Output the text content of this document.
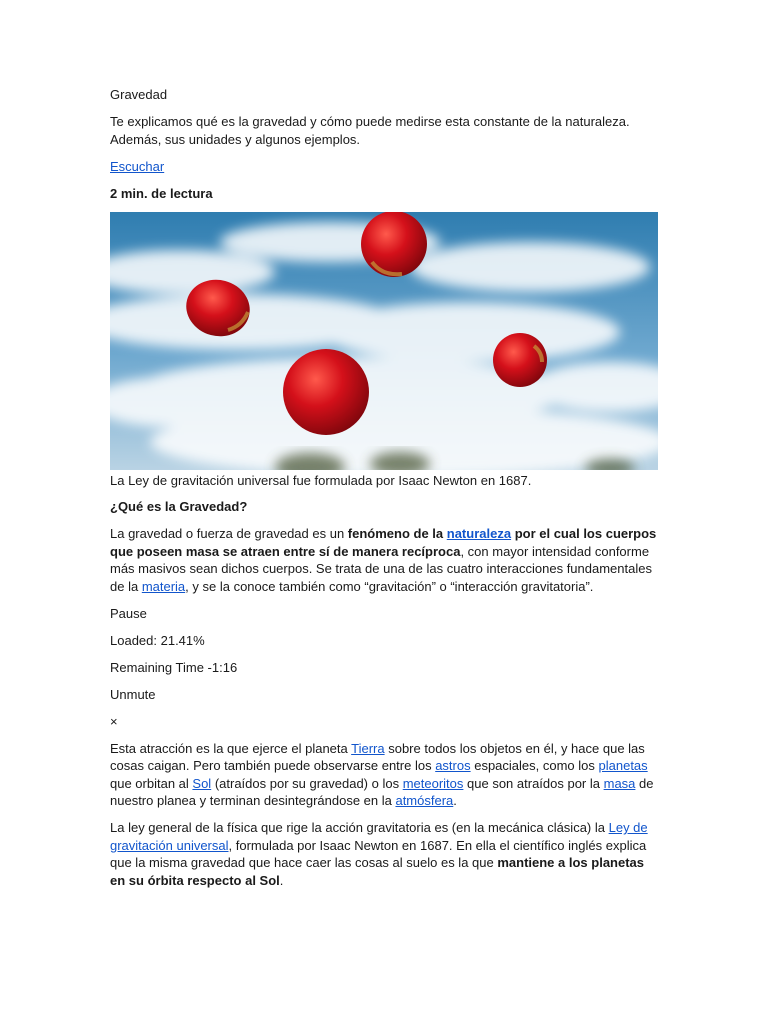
Gravedad

Te explicamos qué es la gravedad y cómo puede medirse esta constante de la naturaleza. Además, sus unidades y algunos ejemplos.

Escuchar

2 min. de lectura

La Ley de gravitación universal fue formulada por Isaac Newton en 1687.

¿Qué es la Gravedad?

La gravedad o fuerza de gravedad es un fenómeno de la naturaleza por el cual los cuerpos que poseen masa se atraen entre sí de manera recíproca, con mayor intensidad conforme más masivos sean dichos cuerpos. Se trata de una de las cuatro interacciones fundamentales de la materia, y se la conoce también como “gravitación” o “interacción gravitatoria”.

Pause

Loaded: 21.41%

Remaining Time -1:16

Unmute

×

Esta atracción es la que ejerce el planeta Tierra sobre todos los objetos en él, y hace que las cosas caigan. Pero también puede observarse entre los astros espaciales, como los planetas que orbitan al Sol (atraídos por su gravedad) o los meteoritos que son atraídos por la masa de nuestro planea y terminan desintegrándose en la atmósfera.

La ley general de la física que rige la acción gravitatoria es (en la mecánica clásica) la Ley de gravitación universal, formulada por Isaac Newton en 1687. En ella el científico inglés explica que la misma gravedad que hace caer las cosas al suelo es la que mantiene a los planetas en su órbita respecto al Sol.
